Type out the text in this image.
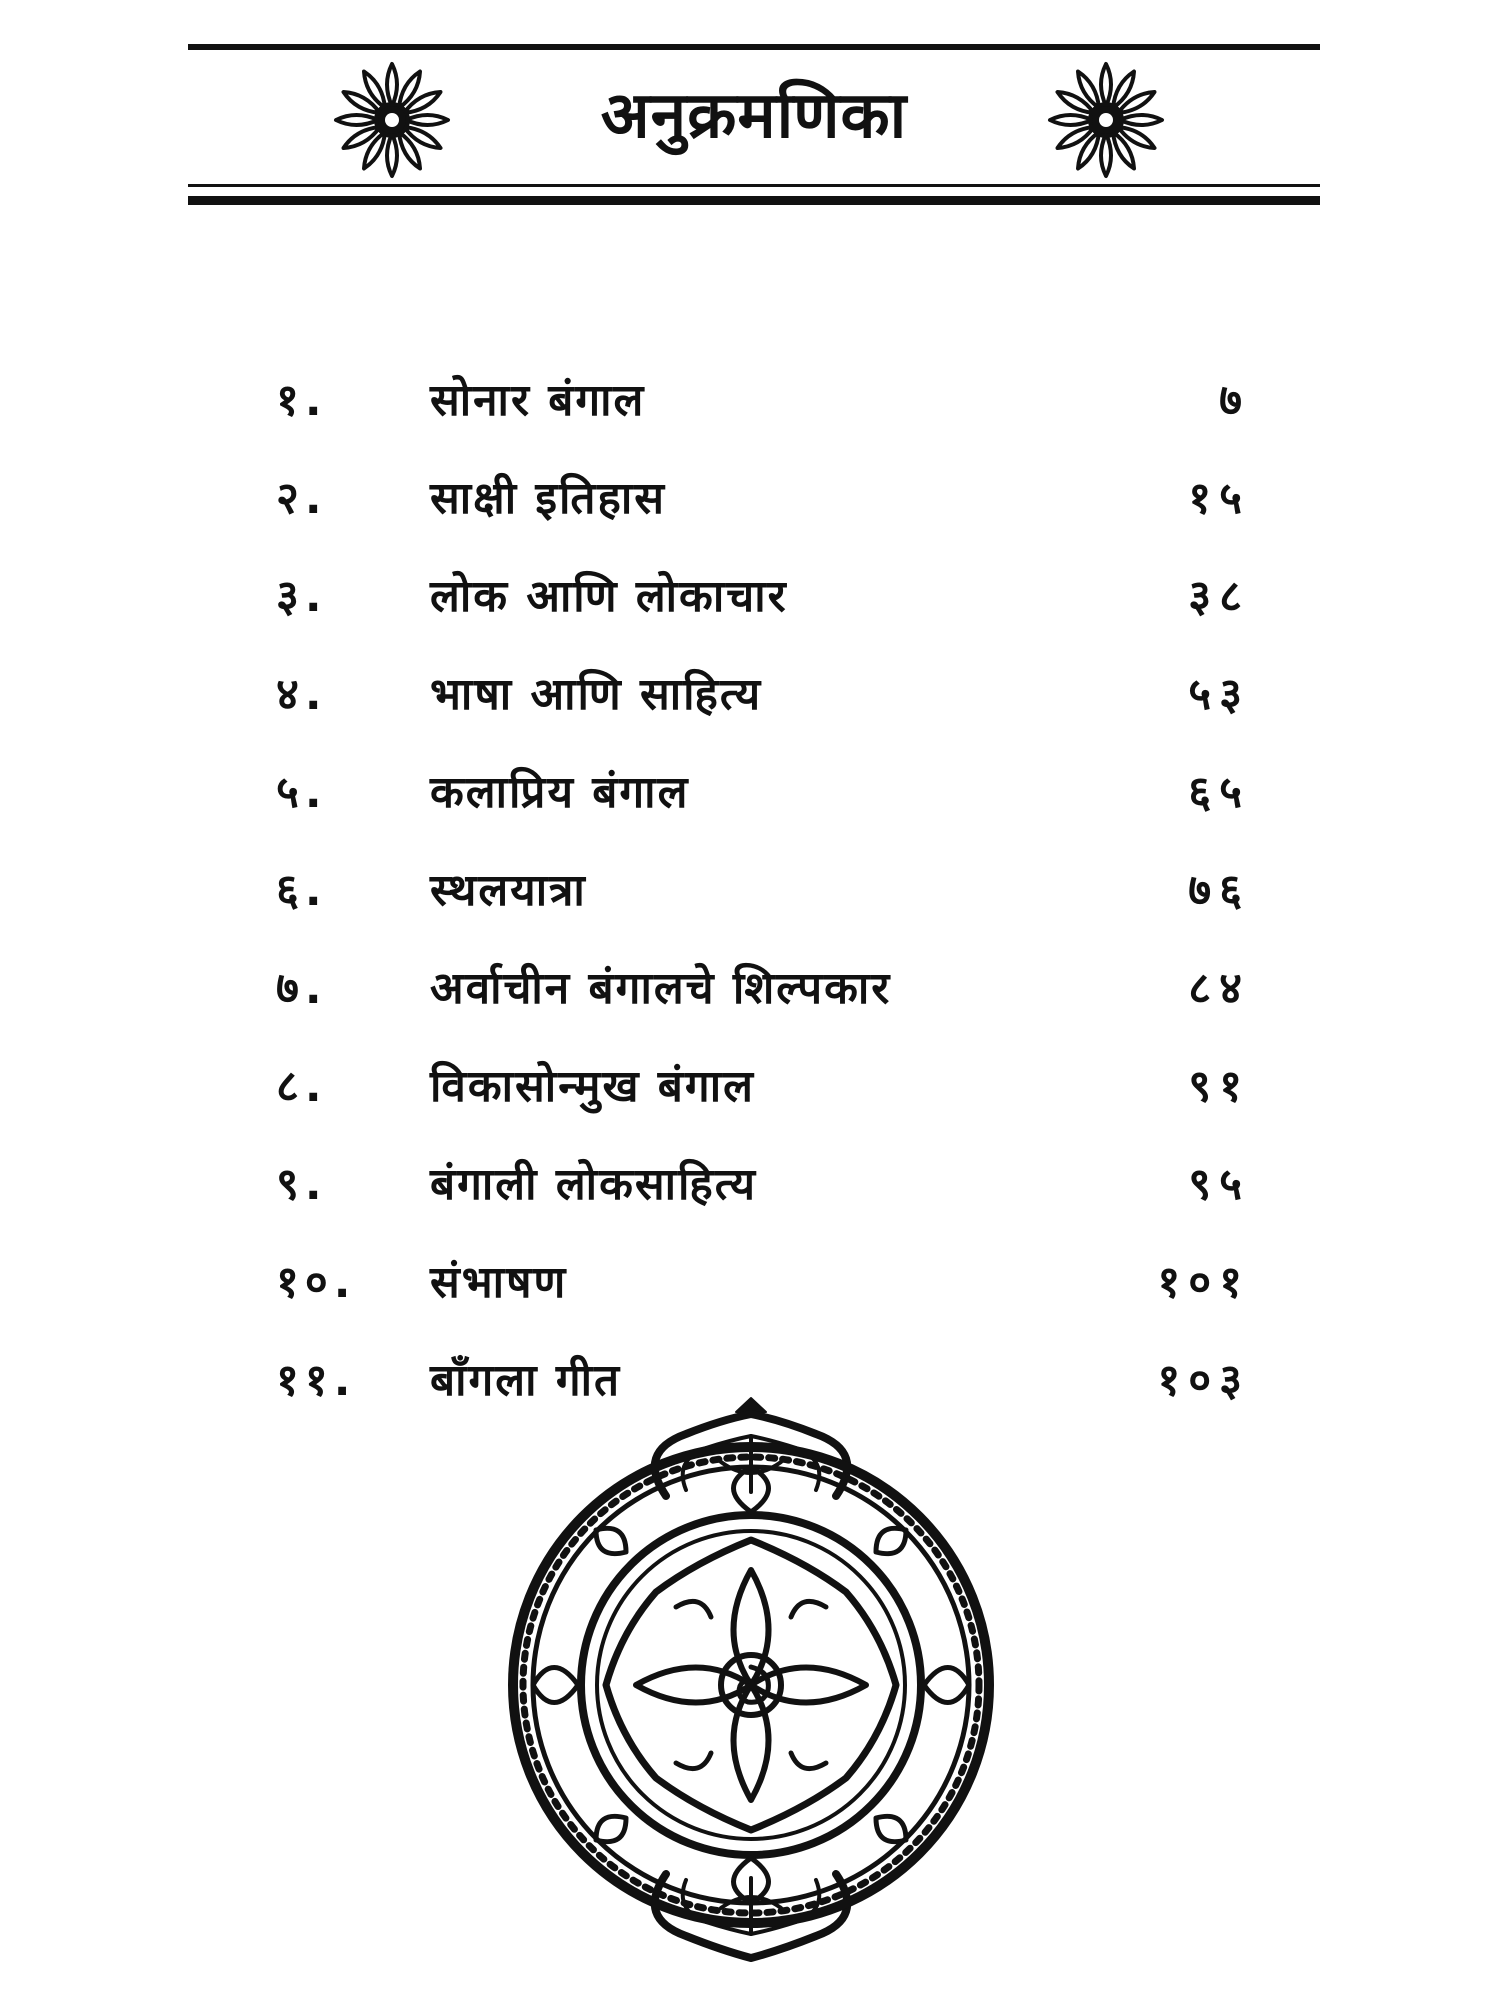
अनुक्रमणिका
१.	सोनार बंगाल	७
२.	साक्षी इतिहास	१५
३.	लोक आणि लोकाचार	३८
४.	भाषा आणि साहित्य	५३
५.	कलाप्रिय बंगाल	६५
६.	स्थलयात्रा	७६
७.	अर्वाचीन बंगालचे शिल्पकार	८४
८.	विकासोन्मुख बंगाल	९१
९.	बंगाली लोकसाहित्य	९५
१०.	संभाषण	१०१
११.	बाँगला गीत	१०३
